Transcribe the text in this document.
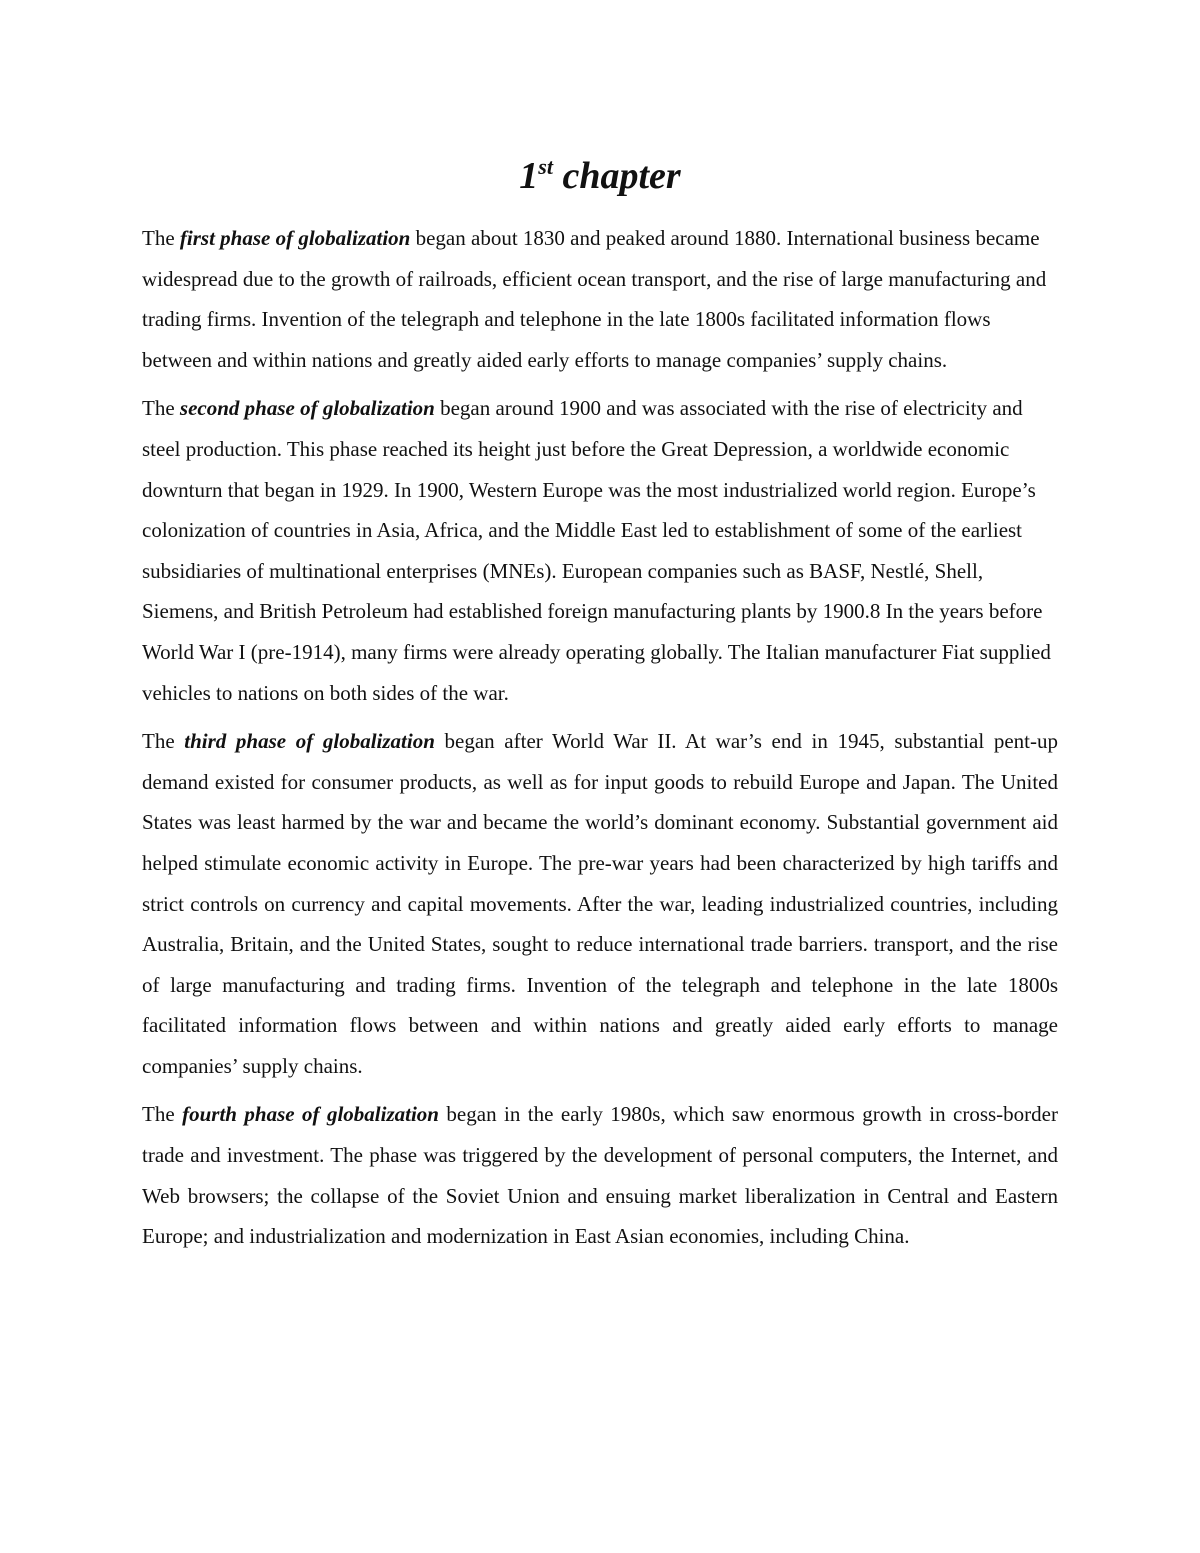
1st chapter

The first phase of globalization began about 1830 and peaked around 1880. International business became widespread due to the growth of railroads, efficient ocean transport, and the rise of large manufacturing and trading firms. Invention of the telegraph and telephone in the late 1800s facilitated information flows between and within nations and greatly aided early efforts to manage companies’ supply chains.

The second phase of globalization began around 1900 and was associated with the rise of electricity and steel production. This phase reached its height just before the Great Depression, a worldwide economic downturn that began in 1929. In 1900, Western Europe was the most industrialized world region. Europe’s colonization of countries in Asia, Africa, and the Middle East led to establishment of some of the earliest subsidiaries of multinational enterprises (MNEs). European companies such as BASF, Nestlé, Shell, Siemens, and British Petroleum had established foreign manufacturing plants by 1900.8 In the years before World War I (pre-1914), many firms were already operating globally. The Italian manufacturer Fiat supplied vehicles to nations on both sides of the war.

The third phase of globalization began after World War II. At war’s end in 1945, substantial pent-up demand existed for consumer products, as well as for input goods to rebuild Europe and Japan. The United States was least harmed by the war and became the world’s dominant economy. Substantial government aid helped stimulate economic activity in Europe. The pre-war years had been characterized by high tariffs and strict controls on currency and capital movements. After the war, leading industrialized countries, including Australia, Britain, and the United States, sought to reduce international trade barriers. transport, and the rise of large manufacturing and trading firms. Invention of the telegraph and telephone in the late 1800s facilitated information flows between and within nations and greatly aided early efforts to manage companies’ supply chains.

The fourth phase of globalization began in the early 1980s, which saw enormous growth in cross-border trade and investment. The phase was triggered by the development of personal computers, the Internet, and Web browsers; the collapse of the Soviet Union and ensuing market liberalization in Central and Eastern Europe; and industrialization and modernization in East Asian economies, including China.
